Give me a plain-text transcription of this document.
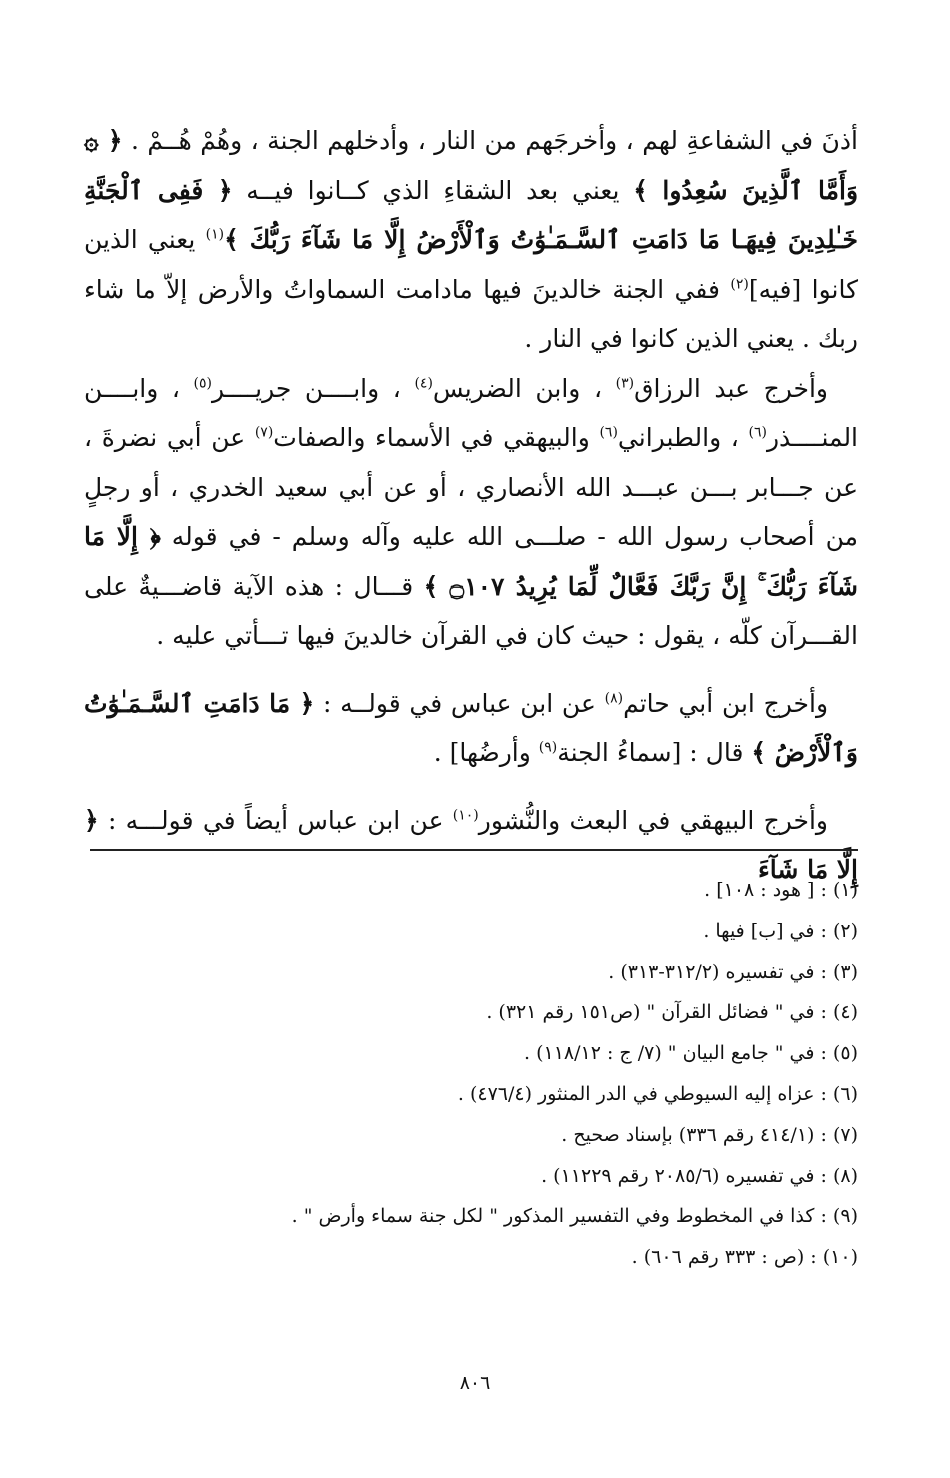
أذنَ في الشفاعةِ لهم ، وأخرجَهم من النار ، وأدخلهم الجنة ، وهُمْ هُــمْ . ﴿ ۞ وَأَمَّا ٱلَّذِينَ سُعِدُوا ﴾ يعني بعد الشقاءِ الذي كــانوا فيــه ﴿ فَفِى ٱلْجَنَّةِ خَـٰلِدِينَ فِيهَـا مَا دَامَتِ ٱلسَّـمَـٰوَٰتُ وَٱلْأَرْضُ إِلَّا مَا شَآءَ رَبُّكَ ﴾$^{(١)}$ يعني الذين كانوا [فيه]$^{(٢)}$ ففي الجنة خالدينَ فيها مادامت السماواتُ والأرض إلاّ ما شاء ربك . يعني الذين كانوا في النار .

وأخرج عبد الرزاق$^{(٣)}$ ، وابن الضريس$^{(٤)}$ ، وابــــن جريــــر$^{(٥)}$ ، وابــــن المنــــذر$^{(٦)}$ ، والطبراني$^{(٦)}$ والبيهقي في الأسماء والصفات$^{(٧)}$ عن أبي نضرةَ ، عن جـــابر بـــن عبـــد الله الأنصاري ، أو عن أبي سعيد الخدري ، أو رجلٍ من أصحاب رسول الله - صلـــى الله عليه وآله وسلم - في قوله ﴿ إِلَّا مَا شَآءَ رَبُّكَ ۚ إِنَّ رَبَّكَ فَعَّالٌ لِّمَا يُرِيدُ ۝١٠٧ ﴾ قـــال : هذه الآية قاضـــيةٌ على القـــرآن كلّه ، يقول : حيث كان في القرآن خالدينَ فيها تـــأتي عليه .

وأخرج ابن أبي حاتم$^{(٨)}$ عن ابن عباس في قولــه : ﴿ مَا دَامَتِ ٱلسَّـمَـٰوَٰتُ وَٱلْأَرْضُ ﴾ قال : [سماءُ الجنة$^{(٩)}$ وأرضُها] .

وأخرج البيهقي في البعث والنُّشور$^{(١٠)}$ عن ابن عباس أيضاً في قولـــه : ﴿ إِلَّا مَا شَآءَ

(١) : [ هود : ١٠٨] .

(٢) : في [ب] فيها .

(٣) : في تفسيره (٣١٢/٢-٣١٣) .

(٤) : في " فضائل القرآن " (ص١٥١ رقم ٣٢١) .

(٥) : في " جامع البيان " (٧/ ج : ١١٨/١٢) .

(٦) : عزاه إليه السيوطي في الدر المنثور (٤٧٦/٤) .

(٧) : (٤١٤/١ رقم ٣٣٦) بإسناد صحيح .

(٨) : في تفسيره (٢٠٨٥/٦ رقم ١١٢٢٩) .

(٩) : كذا في المخطوط وفي التفسير المذكور " لكل جنة سماء وأرض " .

(١٠) : (ص : ٣٣٣ رقم ٦٠٦) .

٨٠٦
